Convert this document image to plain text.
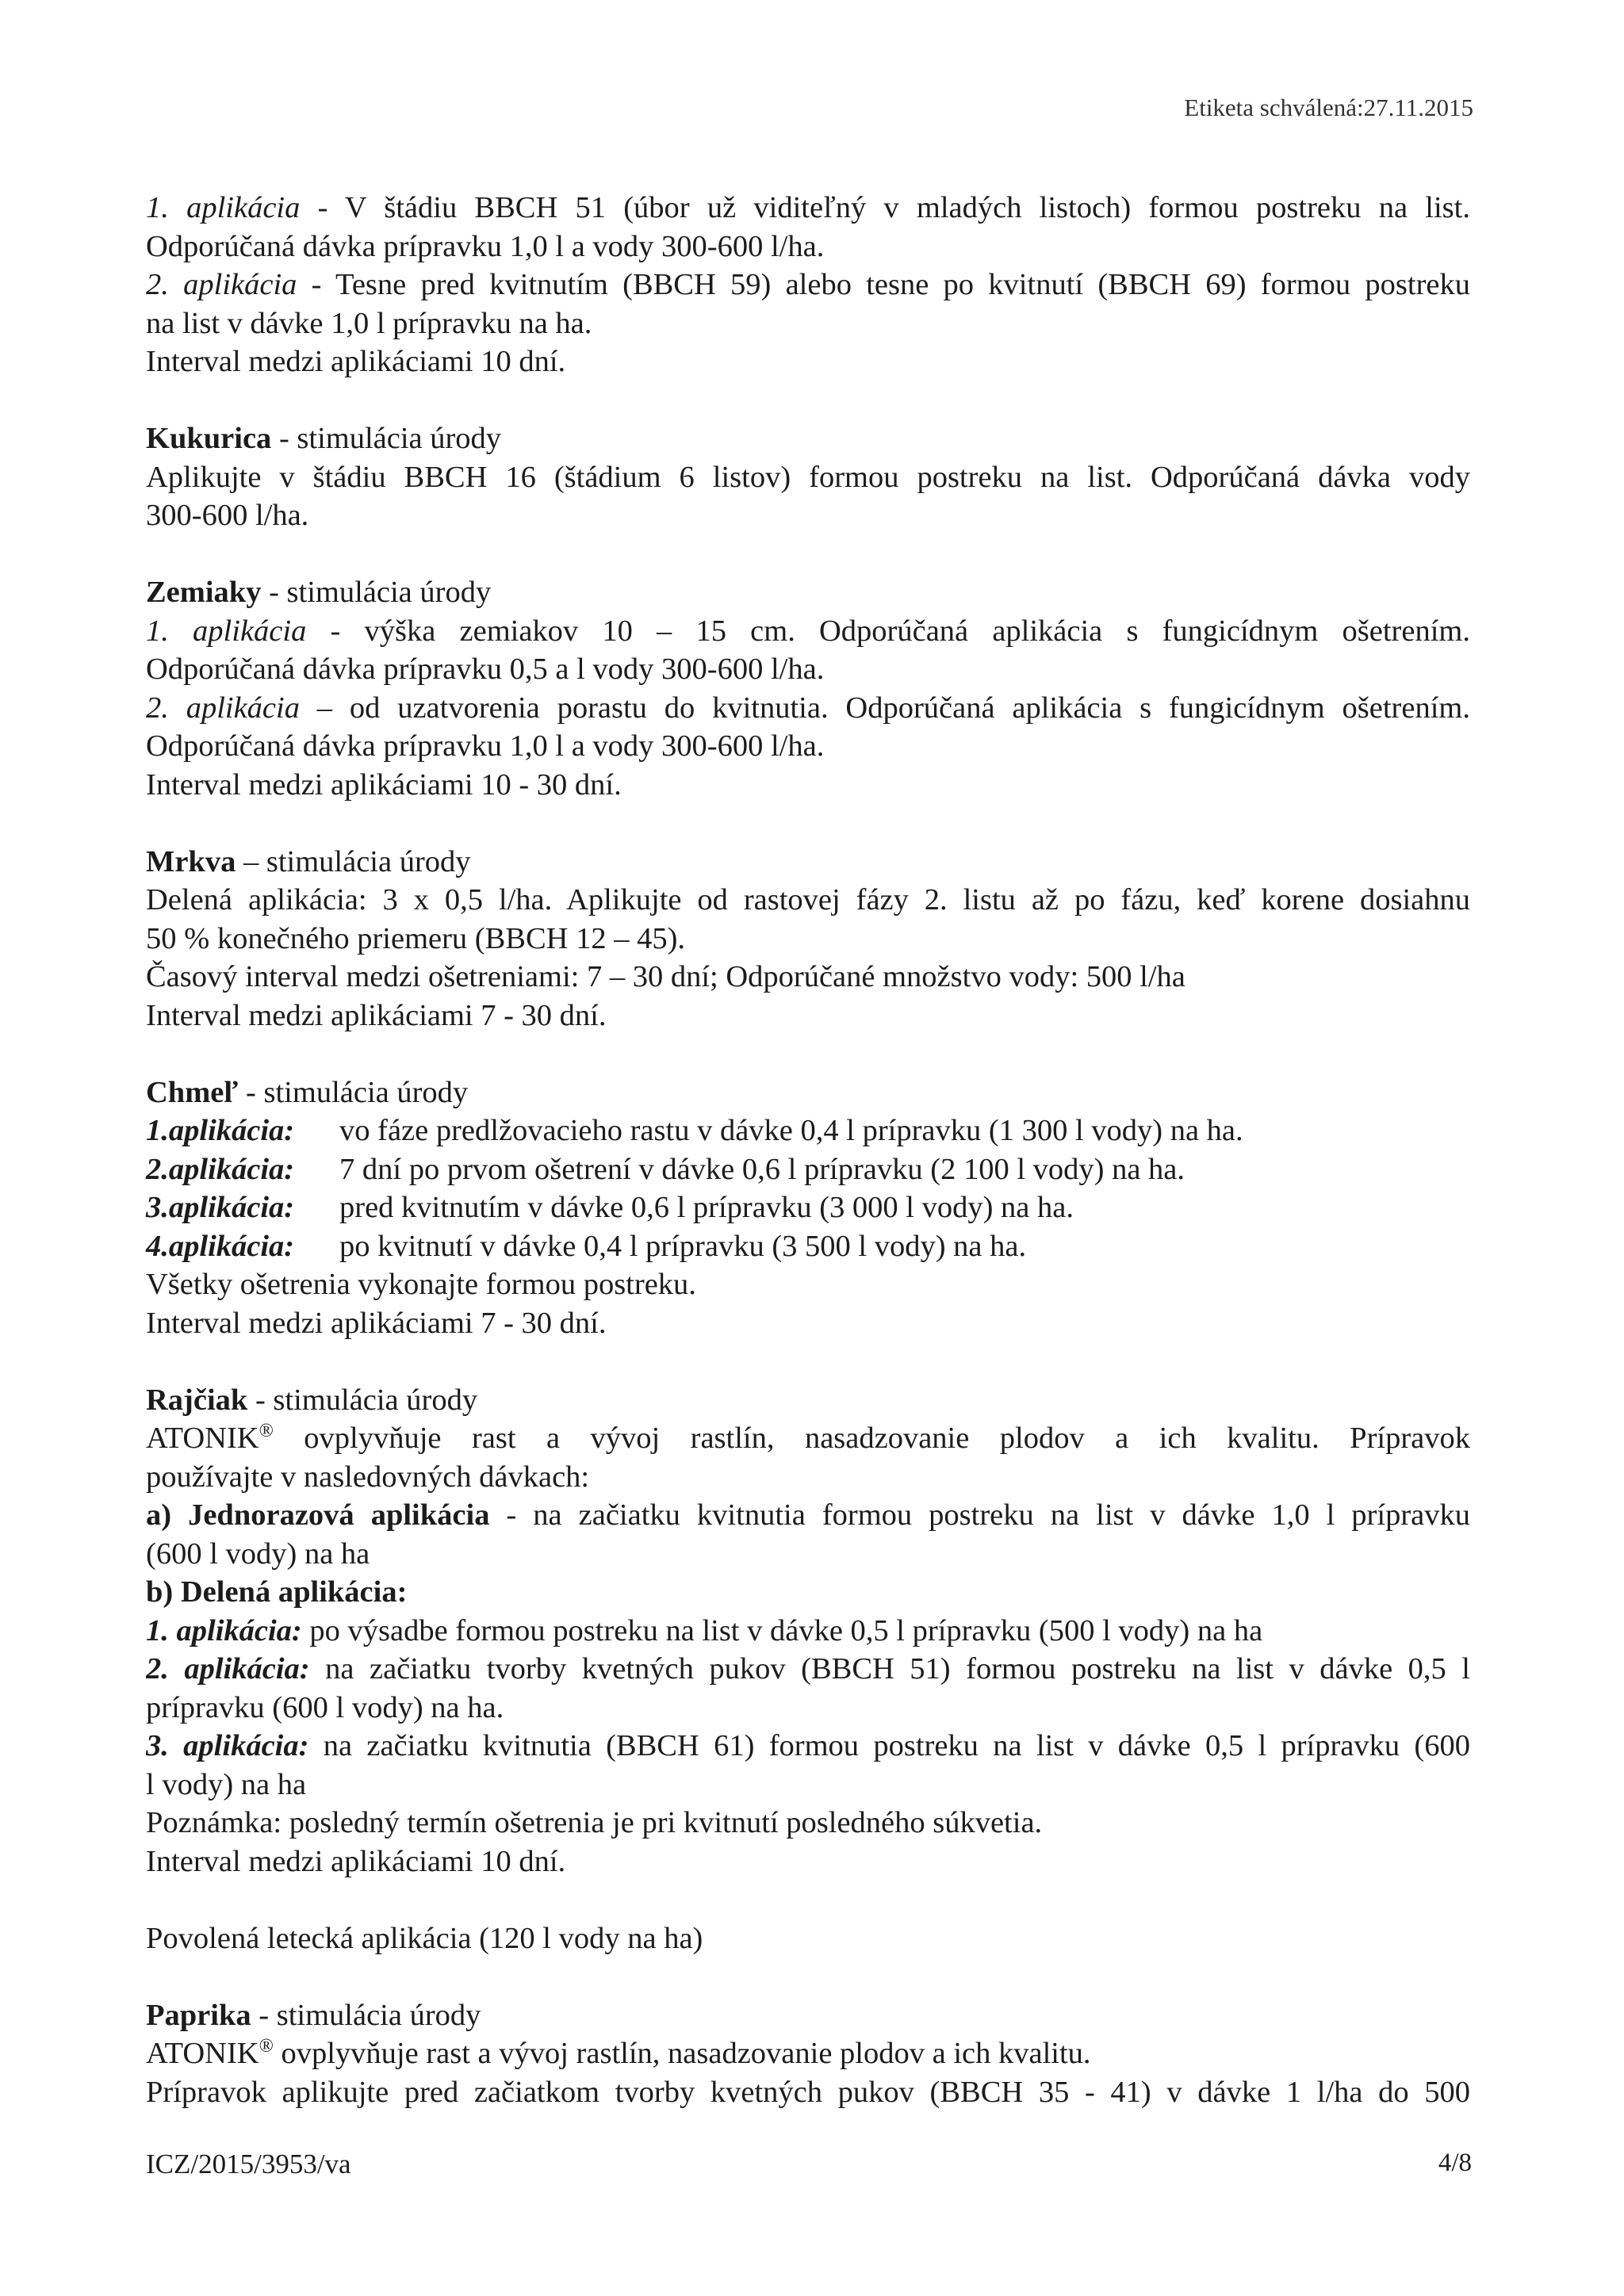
Etiketa schválená:27.11.2015
1. aplikácia - V štádiu BBCH 51 (úbor už viditeľný v mladých listoch) formou postreku na list.
Odporúčaná dávka prípravku 1,0 l a vody 300-600 l/ha.
2. aplikácia - Tesne pred kvitnutím (BBCH 59) alebo tesne po kvitnutí (BBCH 69) formou postreku
na list v dávke 1,0 l prípravku na ha.
Interval medzi aplikáciami 10 dní.
Kukurica - stimulácia úrody
Aplikujte v štádiu BBCH 16 (štádium 6 listov) formou postreku na list. Odporúčaná dávka vody
300-600 l/ha.
Zemiaky - stimulácia úrody
1. aplikácia - výška zemiakov 10 – 15 cm. Odporúčaná aplikácia s fungicídnym ošetrením.
Odporúčaná dávka prípravku 0,5 a l vody 300-600 l/ha.
2. aplikácia – od uzatvorenia porastu do kvitnutia. Odporúčaná aplikácia s fungicídnym ošetrením.
Odporúčaná dávka prípravku 1,0 l a vody 300-600 l/ha.
Interval medzi aplikáciami 10 - 30 dní.
Mrkva – stimulácia úrody
Delená aplikácia: 3 x 0,5 l/ha. Aplikujte od rastovej fázy 2. listu až po fázu, keď korene dosiahnu
50 % konečného priemeru (BBCH 12 – 45).
Časový interval medzi ošetreniami: 7 – 30 dní; Odporúčané množstvo vody: 500 l/ha
Interval medzi aplikáciami 7 - 30 dní.
Chmeľ - stimulácia úrody
1.aplikácia:	vo fáze predlžovacieho rastu v dávke 0,4 l prípravku (1 300 l vody) na ha.
2.aplikácia:	7 dní po prvom ošetrení v dávke 0,6 l prípravku (2 100 l vody) na ha.
3.aplikácia:	pred kvitnutím v dávke 0,6 l prípravku (3 000 l vody) na ha.
4.aplikácia:	po kvitnutí v dávke 0,4 l prípravku (3 500 l vody) na ha.
Všetky ošetrenia vykonajte formou postreku.
Interval medzi aplikáciami 7 - 30 dní.
Rajčiak - stimulácia úrody
ATONIK® ovplyvňuje rast a vývoj rastlín, nasadzovanie plodov a ich kvalitu. Prípravok
používajte v nasledovných dávkach:
a) Jednorazová aplikácia - na začiatku kvitnutia formou postreku na list v dávke 1,0 l prípravku
(600 l vody) na ha
b) Delená aplikácia:
1. aplikácia: po výsadbe formou postreku na list v dávke 0,5 l prípravku (500 l vody) na ha
2. aplikácia: na začiatku tvorby kvetných pukov (BBCH 51) formou postreku na list v dávke 0,5 l
prípravku (600 l vody) na ha.
3. aplikácia: na začiatku kvitnutia (BBCH 61) formou postreku na list v dávke 0,5 l prípravku (600
l vody) na ha
Poznámka: posledný termín ošetrenia je pri kvitnutí posledného súkvetia.
Interval medzi aplikáciami 10 dní.
Povolená letecká aplikácia (120 l vody na ha)
Paprika - stimulácia úrody
ATONIK® ovplyvňuje rast a vývoj rastlín, nasadzovanie plodov a ich kvalitu.
Prípravok aplikujte pred začiatkom tvorby kvetných pukov (BBCH 35 - 41) v dávke 1 l/ha do 500
ICZ/2015/3953/va	4/8
